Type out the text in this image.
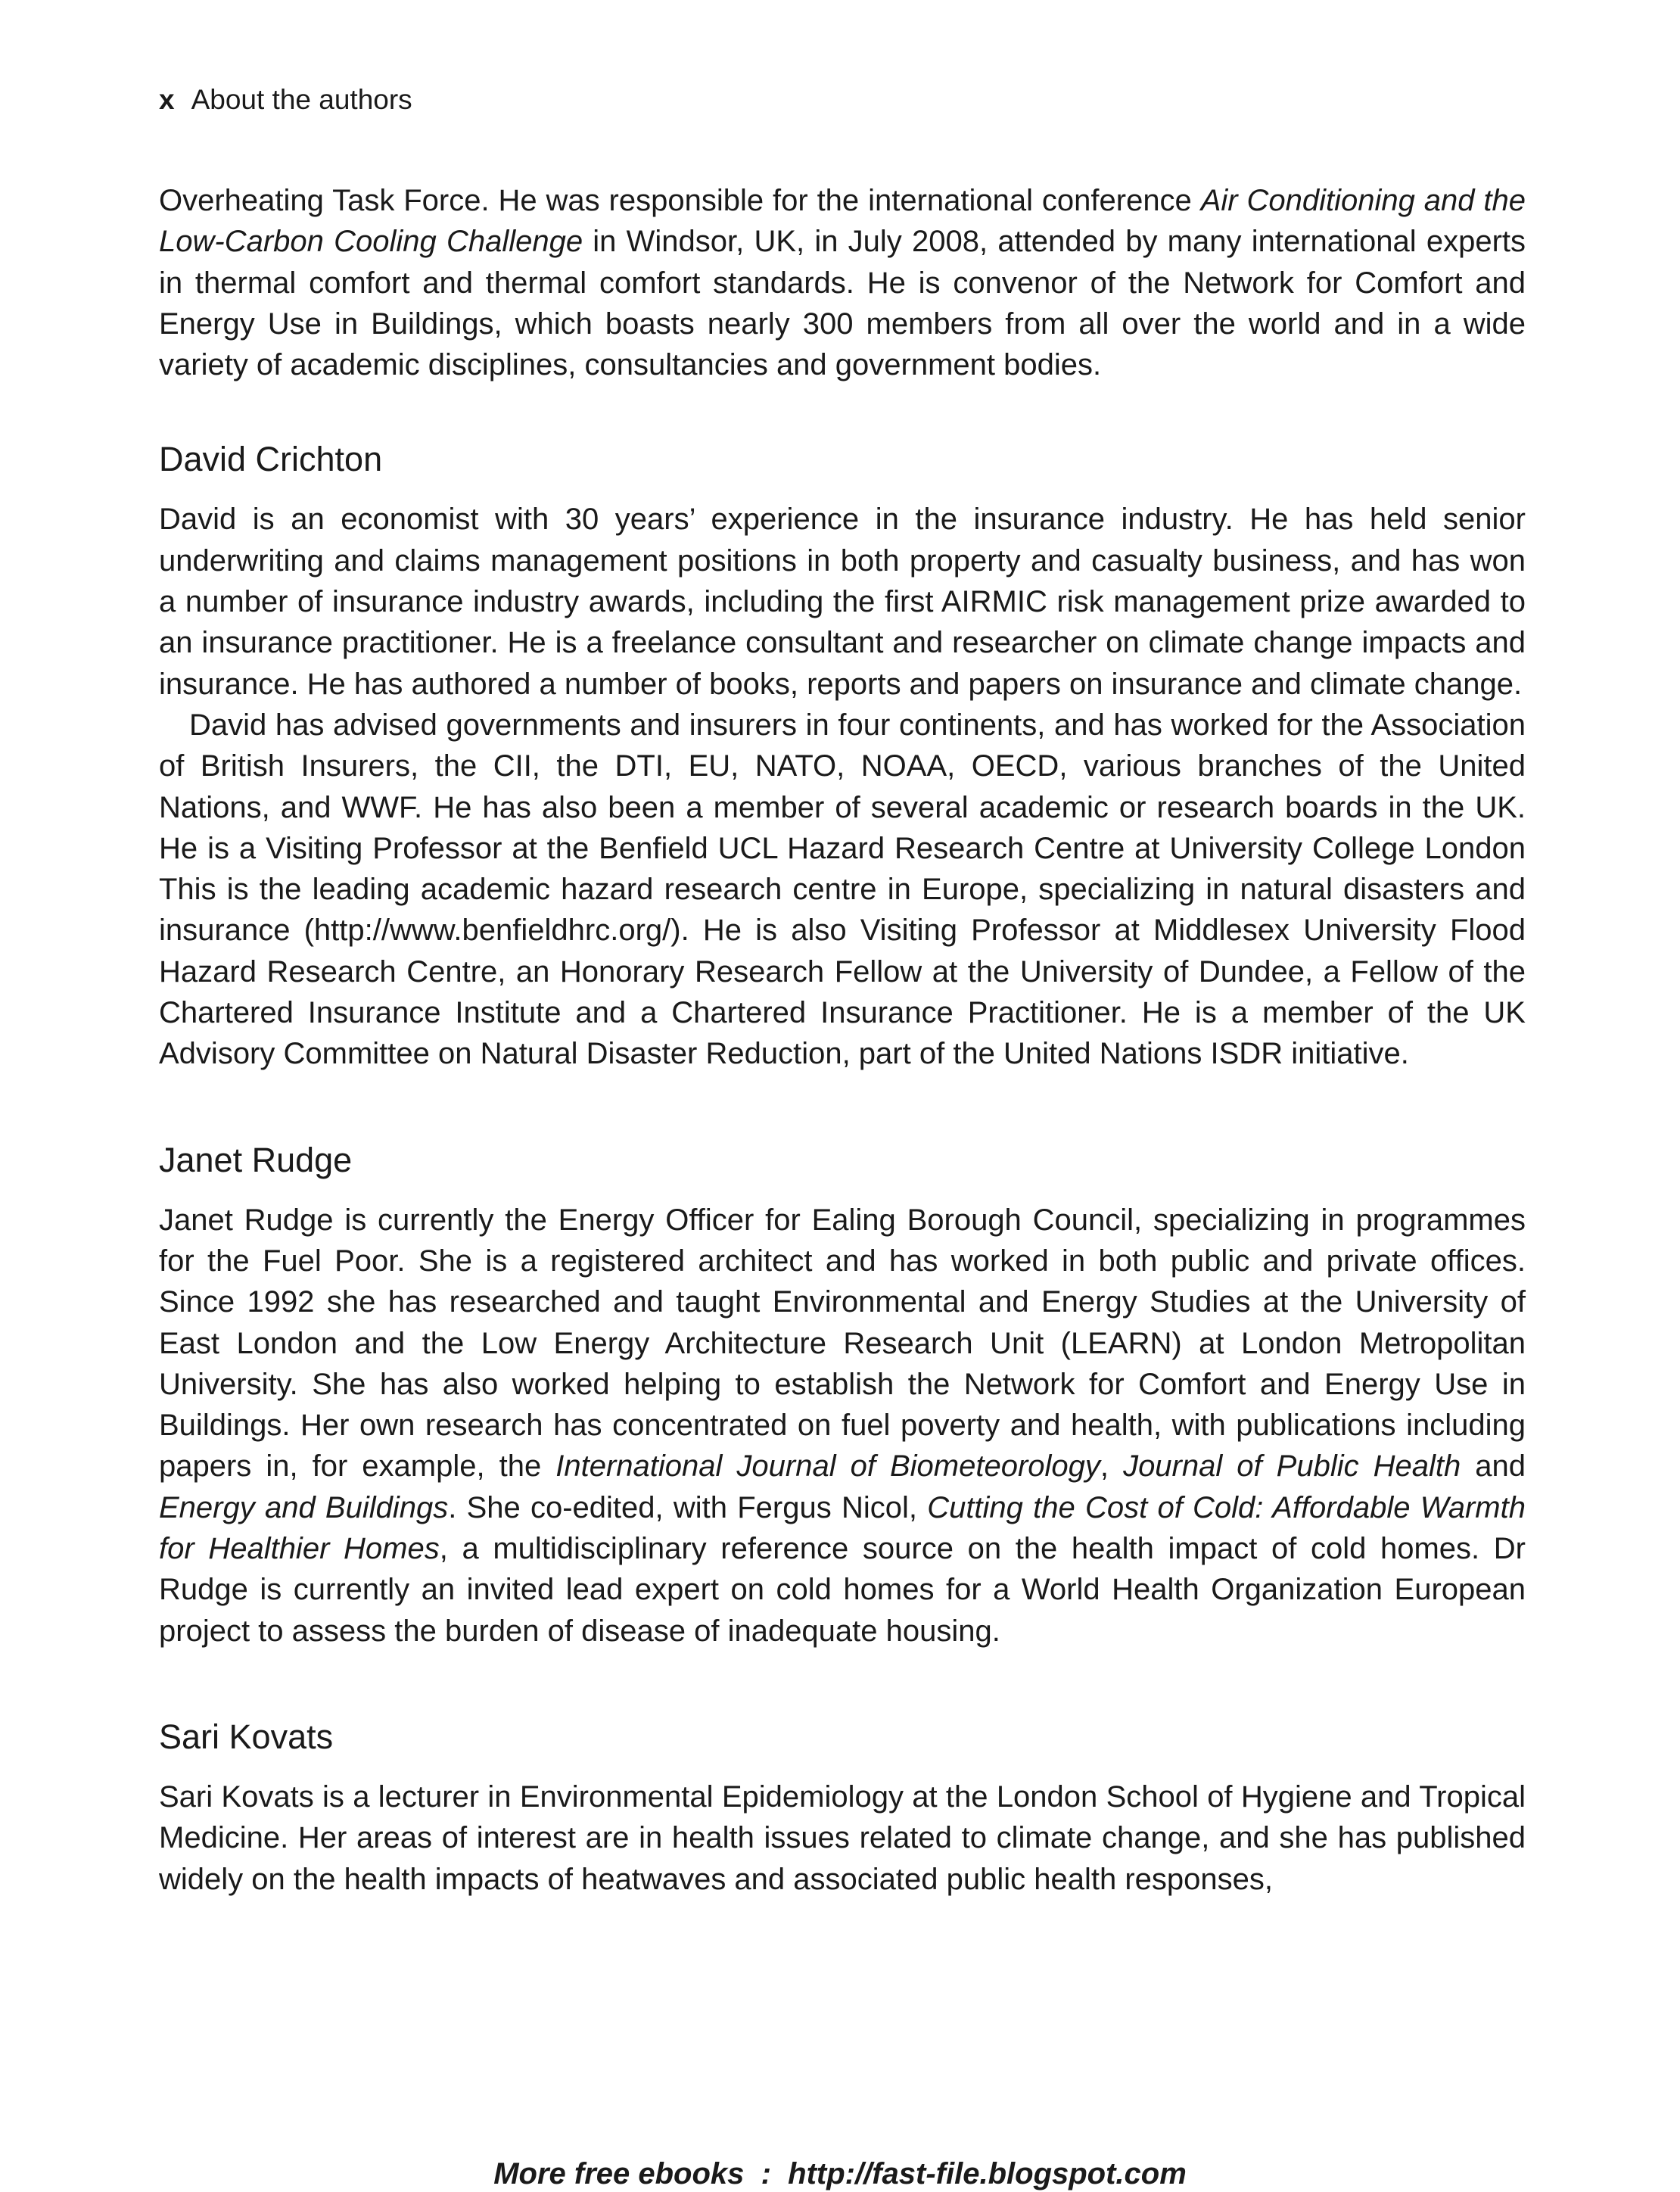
x About the authors

Overheating Task Force. He was responsible for the international conference Air Conditioning and the Low-Carbon Cooling Challenge in Windsor, UK, in July 2008, attended by many international experts in thermal comfort and thermal comfort standards. He is convenor of the Network for Comfort and Energy Use in Buildings, which boasts nearly 300 members from all over the world and in a wide variety of academic disciplines, consultancies and government bodies.

David Crichton

David is an economist with 30 years’ experience in the insurance industry. He has held senior underwriting and claims management positions in both property and casualty business, and has won a number of insurance industry awards, including the first AIRMIC risk management prize awarded to an insurance practitioner. He is a freelance consultant and researcher on climate change impacts and insurance. He has authored a number of books, reports and papers on insurance and climate change.

David has advised governments and insurers in four continents, and has worked for the Association of British Insurers, the CII, the DTI, EU, NATO, NOAA, OECD, various branches of the United Nations, and WWF. He has also been a member of several academic or research boards in the UK. He is a Visiting Professor at the Benfield UCL Hazard Research Centre at University College London This is the leading academic hazard research centre in Europe, specializing in natural disasters and insurance (http://www.benfieldhrc.org/). He is also Visiting Professor at Middlesex University Flood Hazard Research Centre, an Honorary Research Fellow at the University of Dundee, a Fellow of the Chartered Insurance Institute and a Chartered Insurance Practitioner. He is a member of the UK Advisory Committee on Natural Disaster Reduction, part of the United Nations ISDR initiative.

Janet Rudge

Janet Rudge is currently the Energy Officer for Ealing Borough Council, specializing in programmes for the Fuel Poor. She is a registered architect and has worked in both public and private offices. Since 1992 she has researched and taught Environmental and Energy Studies at the University of East London and the Low Energy Architecture Research Unit (LEARN) at London Metropolitan University. She has also worked helping to establish the Network for Comfort and Energy Use in Buildings. Her own research has concentrated on fuel poverty and health, with publications including papers in, for example, the International Journal of Biometeorology, Journal of Public Health and Energy and Buildings. She co-edited, with Fergus Nicol, Cutting the Cost of Cold: Affordable Warmth for Healthier Homes, a multidisciplinary reference source on the health impact of cold homes. Dr Rudge is currently an invited lead expert on cold homes for a World Health Organization European project to assess the burden of disease of inadequate housing.

Sari Kovats

Sari Kovats is a lecturer in Environmental Epidemiology at the London School of Hygiene and Tropical Medicine. Her areas of interest are in health issues related to climate change, and she has published widely on the health impacts of heatwaves and associated public health responses,

More free ebooks  :  http://fast-file.blogspot.com
